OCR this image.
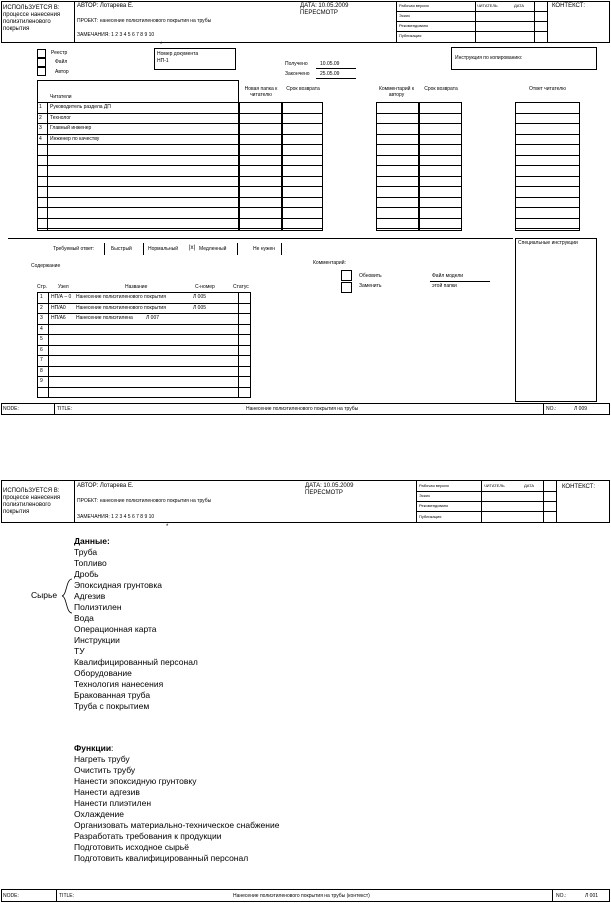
ИСПОЛЬЗУЕТСЯ В: процессе нанесения полиэтиленового покрытия
АВТОР: Лотарева Е.
ПРОЕКТ: нанесение полиэтиленового покрытия на трубы
ЗАМЕЧАНИЯ: 1 2 3 4 5 6 7 8 9 10
ДАТА: 10.05.2009
ПЕРЕСМОТР
Рабочая версия
Эскиз
Рекомендовано
Публикация
ЧИТАТЕЛЬ	ДАТА	КОНТЕКСТ:
Реестр
Файл
Автор
*
Номер документа
НП-1	Получено 10.05.09
Закончено 25.05.09
Инструкция по копированию:
Читатели
1 Руководитель раздела ДП
2 Технолог
3 Главный инженер
4 Инженер по качеству
Новая папка к читателю
Срок возврата	Комментарий к автору
Срок возврата	Ответ читателю
Требуемый ответ:	Быстрый	Нормальный |x| Медленный	Не нужен
Специальные инструкции
Содержание	Комментарий:
Обновить
Заменить
Файл модели
этой папки
Стр. Узел	Название	С-номер	Статус
1 НП/А – 0 Нанесение полиэтиленового покрытия	Л 005
2 НП/А0 Нанесение полиэтиленового покрытия	Л 005
3 НП/А6 Нанесение полиэтилена	Л 007
4
5
6
7
8
9
NODE:	TITLE:	Нанесение полиэтиленового покрытия на трубы	NO.:	Л 009
ИСПОЛЬЗУЕТСЯ В: процессе нанесения полиэтиленового покрытия
АВТОР: Лотарева Е.
ПРОЕКТ: нанесение полиэтиленового покрытия на трубы
ЗАМЕЧАНИЯ: 1 2 3 4 5 6 7 8 9 10
ДАТА: 10.05.2009
ПЕРЕСМОТР
Рабочая версия
Эскиз
Рекомендовано
Публикация
ЧИТАТЕЛЬ	ДАТА	КОНТЕКСТ:
*
Данные:
Труба
Топливо
Дробь
Эпоксидная грунтовка
Адгезив
Полиэтилен
Вода
Операционная карта
Инструкции
ТУ
Квалифицированный персонал
Оборудование
Технология нанесения
Бракованная труба
Труба с покрытием
Сырье
Функции:
Нагреть трубу
Очистить трубу
Нанести эпоксидную грунтовку
Нанести адгезив
Нанести плиэтилен
Охлаждение
Организовать материально-техническое снабжение
Разработать требования к продукции
Подготовить исходное сырьё
Подготовить квалифицированный персонал
NODE:	TITLE:	Нанесение полиэтиленового покрытия на трубы (контекст)	NO.:	Л 001
